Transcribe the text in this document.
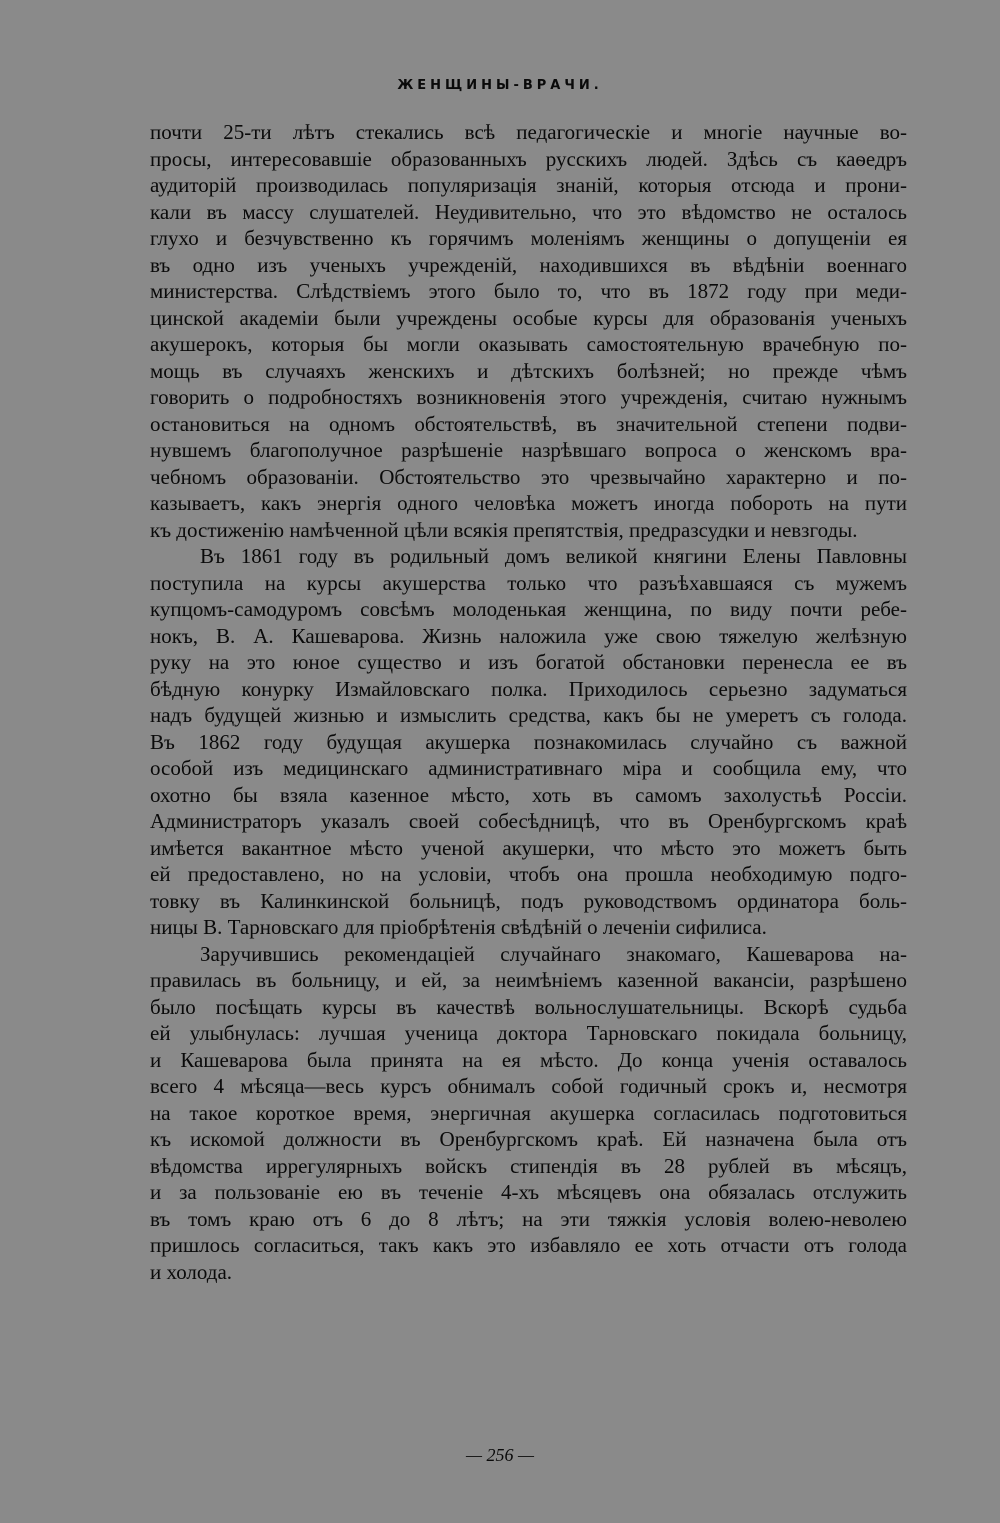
ЖЕНЩИНЫ-ВРАЧИ.
почти 25-ти лѣтъ стекались всѣ педагогическіе и многіе научные во-
просы, интересовавшіе образованныхъ русскихъ людей. Здѣсь съ каѳедръ
аудиторій производилась популяризація знаній, которыя отсюда и прони-
кали въ массу слушателей. Неудивительно, что это вѣдомство не осталось
глухо и безчувственно къ горячимъ моленіямъ женщины о допущеніи ея
въ одно изъ ученыхъ учрежденій, находившихся въ вѣдѣніи военнаго
министерства. Слѣдствіемъ этого было то, что въ 1872 году при меди-
цинской академіи были учреждены особые курсы для образованія ученыхъ
акушерокъ, которыя бы могли оказывать самостоятельную врачебную по-
мощь въ случаяхъ женскихъ и дѣтскихъ болѣзней; но прежде чѣмъ
говорить о подробностяхъ возникновенія этого учрежденія, считаю нужнымъ
остановиться на одномъ обстоятельствѣ, въ значительной степени подви-
нувшемъ благополучное разрѣшеніе назрѣвшаго вопроса о женскомъ вра-
чебномъ образованіи. Обстоятельство это чрезвычайно характерно и по-
казываетъ, какъ энергія одного человѣка можетъ иногда побороть на пути
къ достиженію намѣченной цѣли всякія препятствія, предразсудки и невзгоды.
Въ 1861 году въ родильный домъ великой княгини Елены Павловны
поступила на курсы акушерства только что разъѣхавшаяся съ мужемъ
купцомъ-самодуромъ совсѣмъ молоденькая женщина, по виду почти ребе-
нокъ, В. А. Кашеварова. Жизнь наложила уже свою тяжелую желѣзную
руку на это юное существо и изъ богатой обстановки перенесла ее въ
бѣдную конурку Измайловскаго полка. Приходилось серьезно задуматься
надъ будущей жизнью и измыслить средства, какъ бы не умеретъ съ голода.
Въ 1862 году будущая акушерка познакомилась случайно съ важной
особой изъ медицинскаго административнаго міра и сообщила ему, что
охотно бы взяла казенное мѣсто, хоть въ самомъ захолустьѣ Россіи.
Администраторъ указалъ своей собесѣдницѣ, что въ Оренбургскомъ краѣ
имѣется вакантное мѣсто ученой акушерки, что мѣсто это можетъ быть
ей предоставлено, но на условіи, чтобъ она прошла необходимую подго-
товку въ Калинкинской больницѣ, подъ руководствомъ ординатора боль-
ницы В. Тарновскаго для пріобрѣтенія свѣдѣній о леченіи сифилиса.
Заручившись рекомендаціей случайнаго знакомаго, Кашеварова на-
правилась въ больницу, и ей, за неимѣніемъ казенной вакансіи, разрѣшено
было посѣщать курсы въ качествѣ вольнослушательницы. Вскорѣ судьба
ей улыбнулась: лучшая ученица доктора Тарновскаго покидала больницу,
и Кашеварова была принята на ея мѣсто. До конца ученія оставалось
всего 4 мѣсяца—весь курсъ обнималъ собой годичный срокъ и, несмотря
на такое короткое время, энергичная акушерка согласилась подготовиться
къ искомой должности въ Оренбургскомъ краѣ. Ей назначена была отъ
вѣдомства иррегулярныхъ войскъ стипендія въ 28 рублей въ мѣсяцъ,
и за пользованіе ею въ теченіе 4-хъ мѣсяцевъ она обязалась отслужить
въ томъ краю отъ 6 до 8 лѣтъ; на эти тяжкія условія волею-неволею
пришлось согласиться, такъ какъ это избавляло ее хоть отчасти отъ голода
и холода.
— 256 —
